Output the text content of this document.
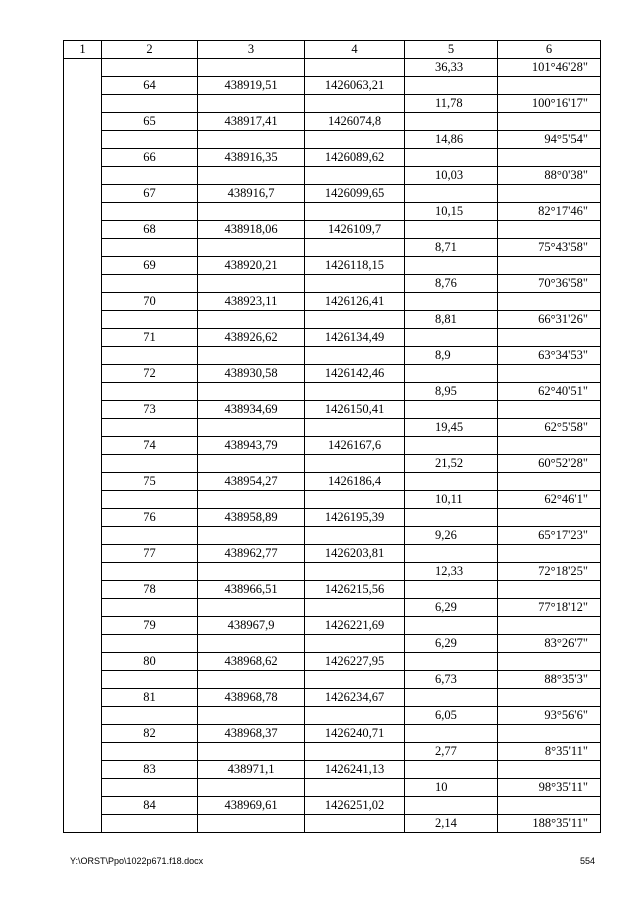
1	2	3	4	5	6
				36,33	101°46'28"
	64	438919,51	1426063,21		
				11,78	100°16'17"
	65	438917,41	1426074,8		
				14,86	94°5'54"
	66	438916,35	1426089,62		
				10,03	88°0'38"
	67	438916,7	1426099,65		
				10,15	82°17'46"
	68	438918,06	1426109,7		
				8,71	75°43'58"
	69	438920,21	1426118,15		
				8,76	70°36'58"
	70	438923,11	1426126,41		
				8,81	66°31'26"
	71	438926,62	1426134,49		
				8,9	63°34'53"
	72	438930,58	1426142,46		
				8,95	62°40'51"
	73	438934,69	1426150,41		
				19,45	62°5'58"
	74	438943,79	1426167,6		
				21,52	60°52'28"
	75	438954,27	1426186,4		
				10,11	62°46'1"
	76	438958,89	1426195,39		
				9,26	65°17'23"
	77	438962,77	1426203,81		
				12,33	72°18'25"
	78	438966,51	1426215,56		
				6,29	77°18'12"
	79	438967,9	1426221,69		
				6,29	83°26'7"
	80	438968,62	1426227,95		
				6,73	88°35'3"
	81	438968,78	1426234,67		
				6,05	93°56'6"
	82	438968,37	1426240,71		
				2,77	8°35'11"
	83	438971,1	1426241,13		
				10	98°35'11"
	84	438969,61	1426251,02		
				2,14	188°35'11"
Y:\ORST\Ppo\1022p671.f18.docx	554
